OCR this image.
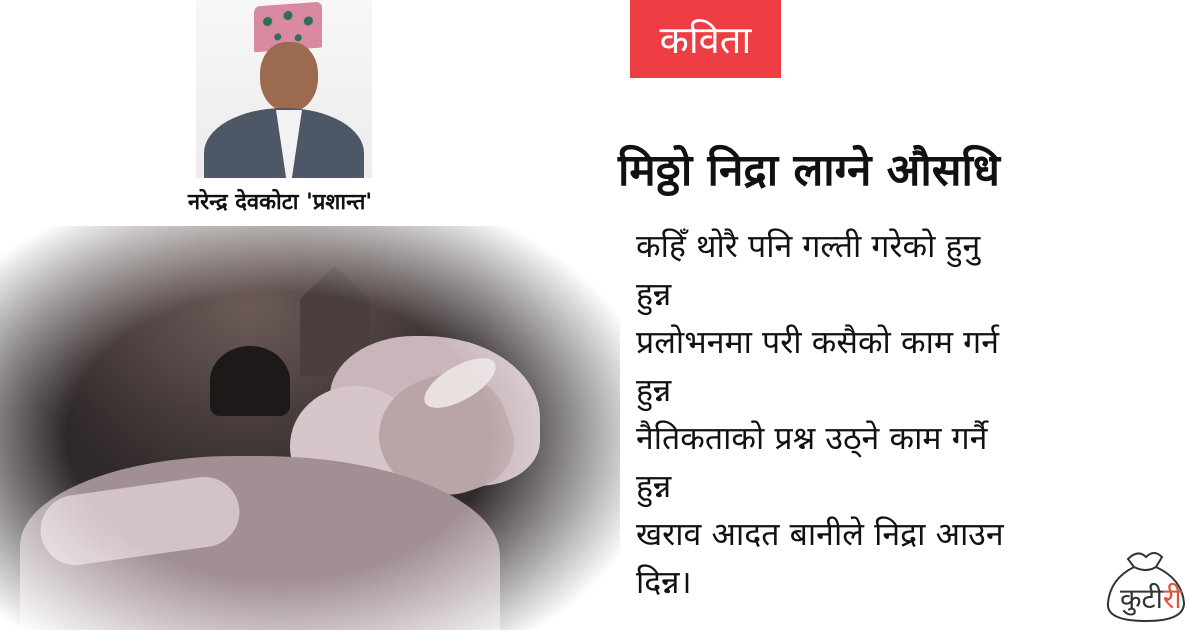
नरेन्द्र देवकोटा 'प्रशान्त'
कविता
मिठ्ठो निद्रा लाग्ने औसधि
कहिँ थोरै पनि गल्ती गरेको हुनु
हुन्न
प्रलोभनमा परी कसैको काम गर्न
हुन्न
नैतिकताको प्रश्न उठ्ने काम गर्नै
हुन्न
खराव आदत बानीले निद्रा आउन
दिन्न।	कुटीरी
